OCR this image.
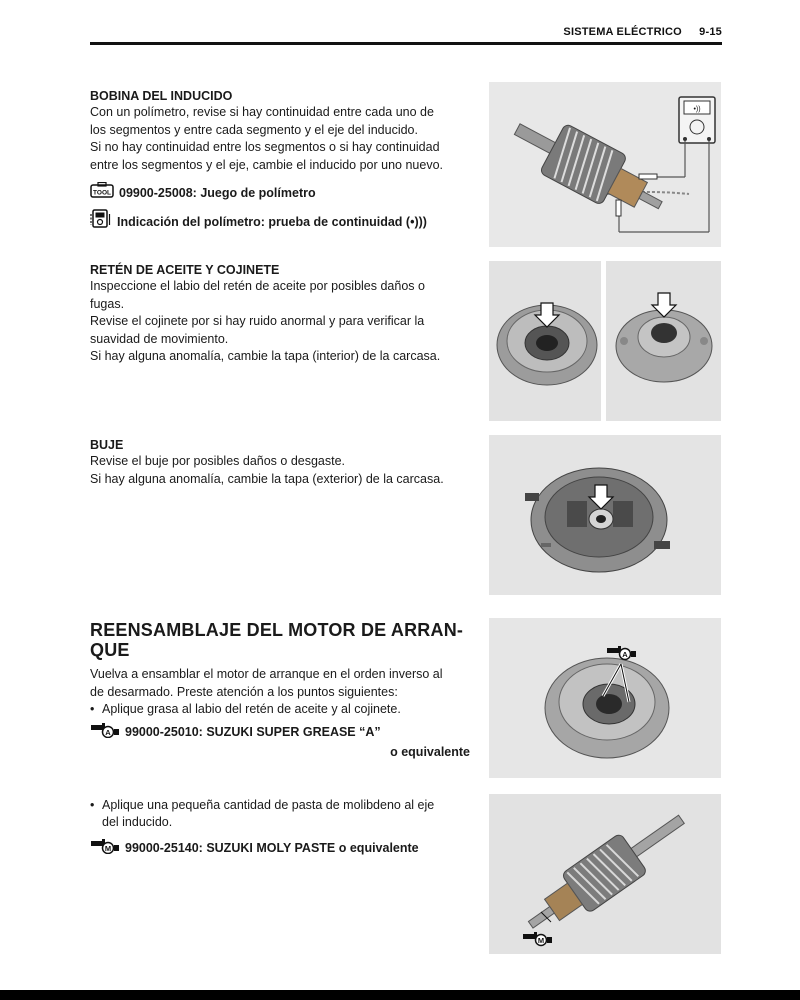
SISTEMA ELÉCTRICO 9-15
BOBINA DEL INDUCIDO

Con un polímetro, revise si hay continuidad entre cada uno de

los segmentos y entre cada segmento y el eje del inducido.

Si no hay continuidad entre los segmentos o si hay continuidad

entre los segmentos y el eje, cambie el inducido por uno nuevo.

TOOL 09900-25008: Juego de polímetro
Indicación del polímetro: prueba de continuidad (•)))
•))
RETÉN DE ACEITE Y COJINETE

Inspeccione el labio del retén de aceite por posibles daños o

fugas.

Revise el cojinete por si hay ruido anormal y para verificar la

suavidad de movimiento.

Si hay alguna anomalía, cambie la tapa (interior) de la carcasa.

BUJE

Revise el buje por posibles daños o desgaste.

Si hay alguna anomalía, cambie la tapa (exterior) de la carcasa.

REENSAMBLAJE DEL MOTOR DE ARRAN-
QUE

Vuelva a ensamblar el motor de arranque en el orden inverso al

de desarmado. Preste atención a los puntos siguientes:

• Aplique grasa al labio del retén de aceite y al cojinete.
A 99000-25010: SUZUKI SUPER GREASE “A”
o equivalente
• Aplique una pequeña cantidad de pasta de molibdeno al eje
del inducido.
M 99000-25140: SUZUKI MOLY PASTE o equivalente
A
M
